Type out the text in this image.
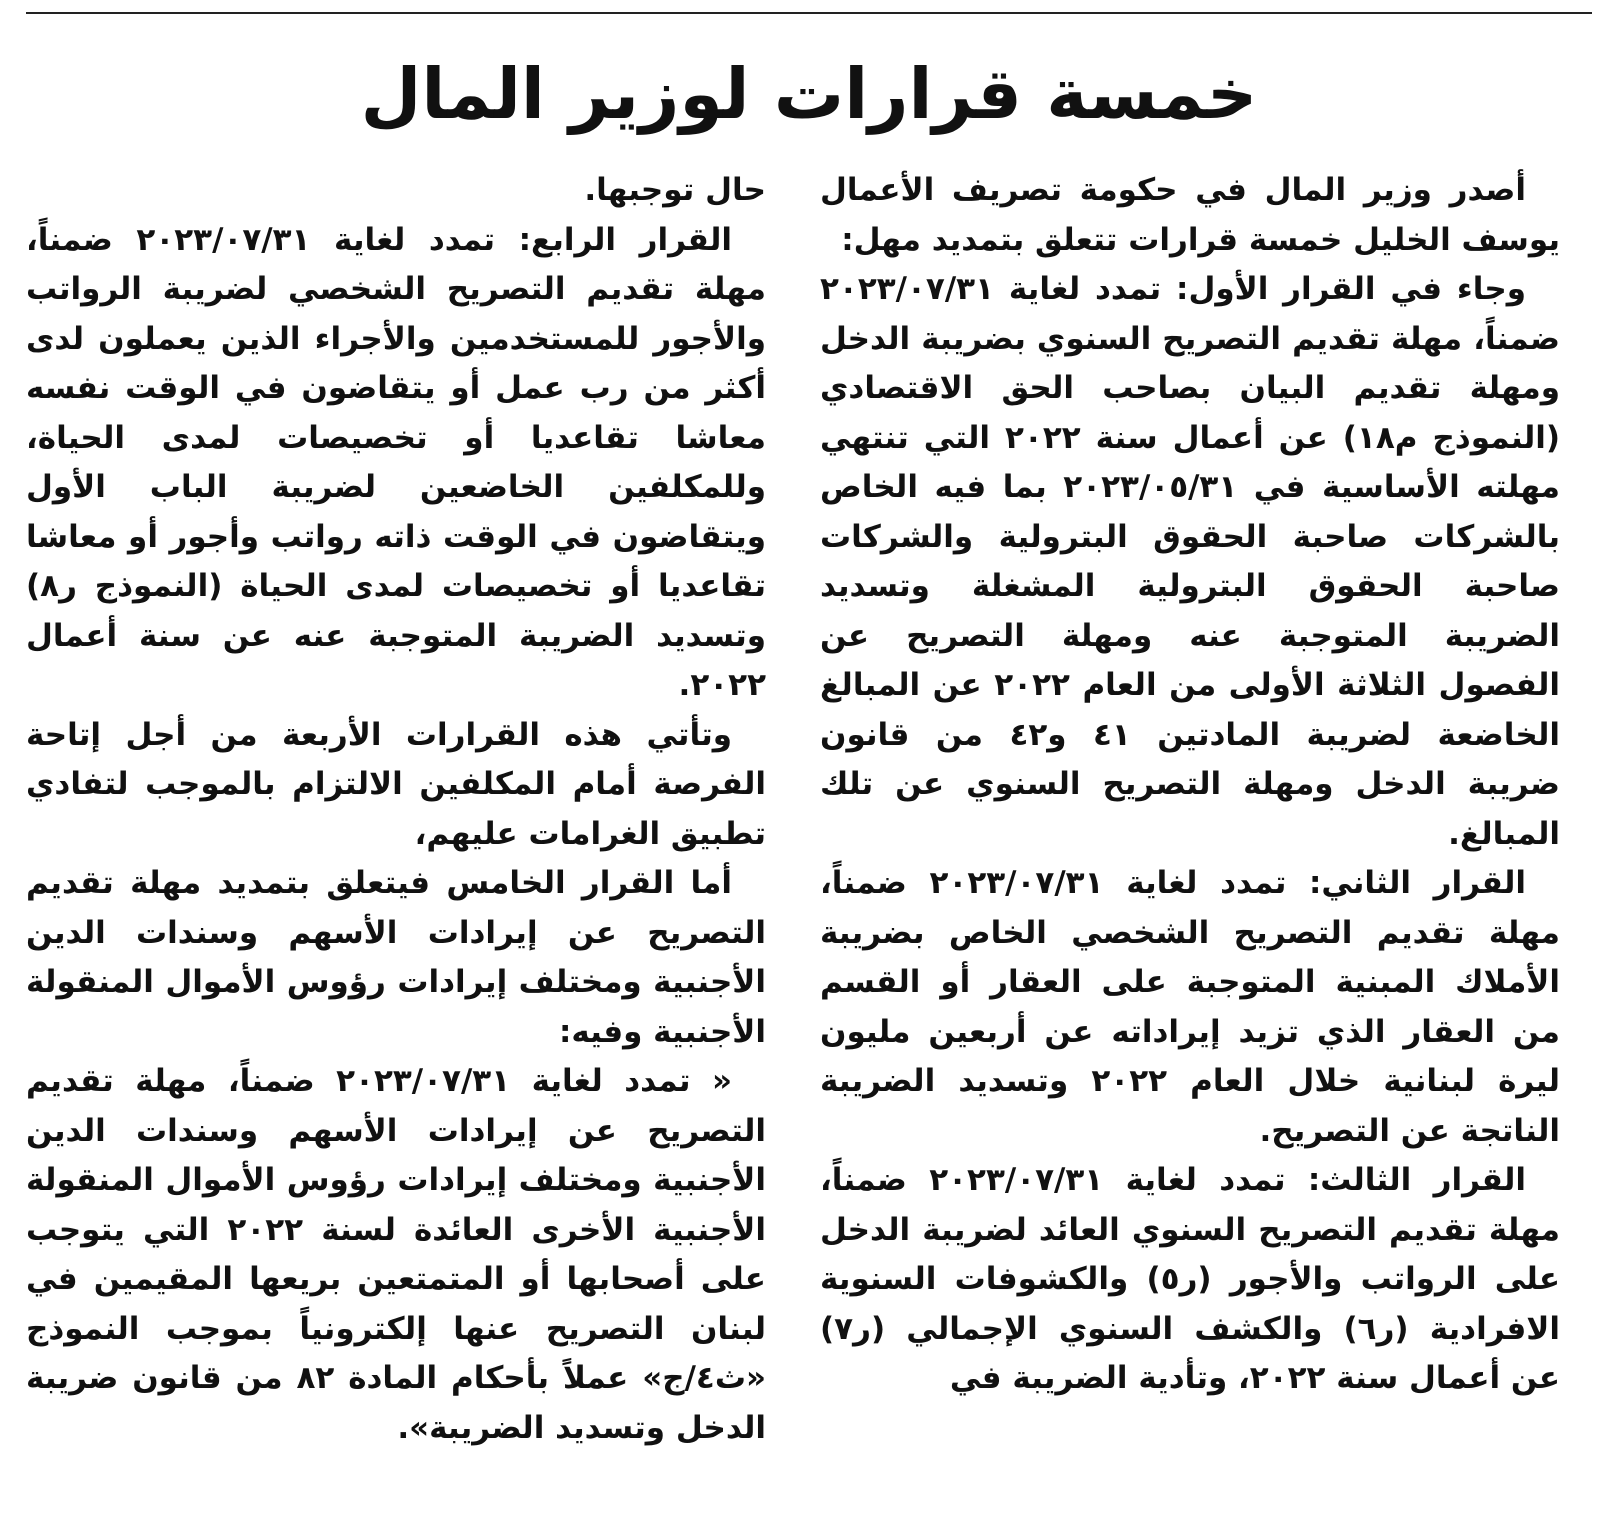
خمسة قرارات لوزير المال

أصدر وزير المال في حكومة تصريف الأعمال يوسف الخليل خمسة قرارات تتعلق بتمديد مهل:

وجاء في القرار الأول: تمدد لغاية ٢٠٢٣/٠٧/٣١ ضمناً، مهلة تقديم التصريح السنوي بضريبة الدخل ومهلة تقديم البيان بصاحب الحق الاقتصادي (النموذج م١٨) عن أعمال سنة ٢٠٢٢ التي تنتهي مهلته الأساسية في ٢٠٢٣/٠٥/٣١ بما فيه الخاص بالشركات صاحبة الحقوق البترولية والشركات صاحبة الحقوق البترولية المشغلة وتسديد الضريبة المتوجبة عنه ومهلة التصريح عن الفصول الثلاثة الأولى من العام ٢٠٢٢ عن المبالغ الخاضعة لضريبة المادتين ٤١ و٤٢ من قانون ضريبة الدخل ومهلة التصريح السنوي عن تلك المبالغ.

القرار الثاني: تمدد لغاية ٢٠٢٣/٠٧/٣١ ضمناً، مهلة تقديم التصريح الشخصي الخاص بضريبة الأملاك المبنية المتوجبة على العقار أو القسم من العقار الذي تزيد إيراداته عن أربعين مليون ليرة لبنانية خلال العام ٢٠٢٢ وتسديد الضريبة الناتجة عن التصريح.

القرار الثالث: تمدد لغاية ٢٠٢٣/٠٧/٣١ ضمناً، مهلة تقديم التصريح السنوي العائد لضريبة الدخل على الرواتب والأجور (ر٥) والكشوفات السنوية الافرادية (ر٦) والكشف السنوي الإجمالي (ر٧) عن أعمال سنة ٢٠٢٢، وتأدية الضريبة في

حال توجبها.

القرار الرابع: تمدد لغاية ٢٠٢٣/٠٧/٣١ ضمناً، مهلة تقديم التصريح الشخصي لضريبة الرواتب والأجور للمستخدمين والأجراء الذين يعملون لدى أكثر من رب عمل أو يتقاضون في الوقت نفسه معاشا تقاعديا أو تخصيصات لمدى الحياة، وللمكلفين الخاضعين لضريبة الباب الأول ويتقاضون في الوقت ذاته رواتب وأجور أو معاشا تقاعديا أو تخصيصات لمدى الحياة (النموذج ر٨) وتسديد الضريبة المتوجبة عنه عن سنة أعمال ٢٠٢٢.

وتأتي هذه القرارات الأربعة من أجل إتاحة الفرصة أمام المكلفين الالتزام بالموجب لتفادي تطبيق الغرامات عليهم،

أما القرار الخامس فيتعلق بتمديد مهلة تقديم التصريح عن إيرادات الأسهم وسندات الدين الأجنبية ومختلف إيرادات رؤوس الأموال المنقولة الأجنبية وفيه:

« تمدد لغاية ٢٠٢٣/٠٧/٣١ ضمناً، مهلة تقديم التصريح عن إيرادات الأسهم وسندات الدين الأجنبية ومختلف إيرادات رؤوس الأموال المنقولة الأجنبية الأخرى العائدة لسنة ٢٠٢٢ التي يتوجب على أصحابها أو المتمتعين بريعها المقيمين في لبنان التصريح عنها إلكترونياً بموجب النموذج «ث٤/ج» عملاً بأحكام المادة ٨٢ من قانون ضريبة الدخل وتسديد الضريبة».
